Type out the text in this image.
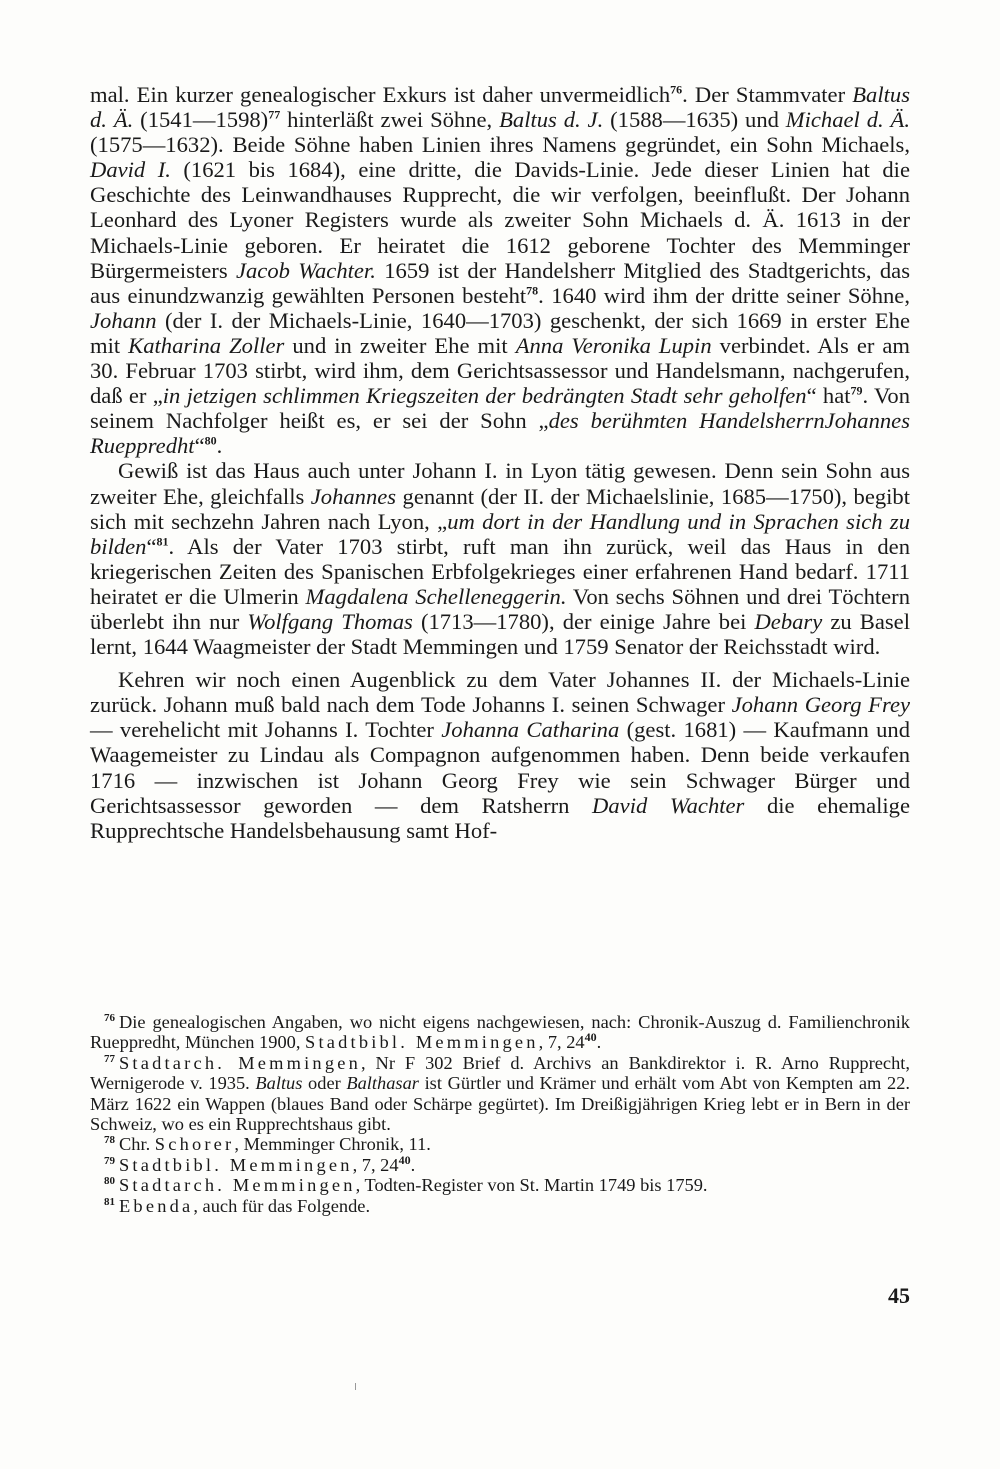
mal. Ein kurzer genealogischer Exkurs ist daher unvermeidlich$^{76}$. Der Stammvater Baltus d. Ä. (1541—1598)$^{77}$ hinterläßt zwei Söhne, Baltus d. J. (1588—1635) und Michael d. Ä. (1575—1632). Beide Söhne haben Linien ihres Namens gegründet, ein Sohn Michaels, David I. (1621 bis 1684), eine dritte, die Davids-Linie. Jede dieser Linien hat die Geschichte des Leinwandhauses Rupprecht, die wir verfolgen, beeinflußt. Der Johann Leonhard des Lyoner Registers wurde als zweiter Sohn Michaels d. Ä. 1613 in der Michaels-Linie geboren. Er heiratet die 1612 geborene Tochter des Memminger Bürgermeisters Jacob Wachter. 1659 ist der Handelsherr Mitglied des Stadtgerichts, das aus einundzwanzig gewählten Personen besteht$^{78}$. 1640 wird ihm der dritte seiner Söhne, Johann (der I. der Michaels-Linie, 1640—1703) geschenkt, der sich 1669 in erster Ehe mit Katharina Zoller und in zweiter Ehe mit Anna Veronika Lupin verbindet. Als er am 30. Februar 1703 stirbt, wird ihm, dem Gerichtsassessor und Handelsmann, nachgerufen, daß er „in jetzigen schlimmen Kriegszeiten der bedrängten Stadt sehr geholfen“ hat$^{79}$. Von seinem Nachfolger heißt es, er sei der Sohn „des berühmten HandelsherrnJohannes Rueppredht“$^{80}$.

Gewiß ist das Haus auch unter Johann I. in Lyon tätig gewesen. Denn sein Sohn aus zweiter Ehe, gleichfalls Johannes genannt (der II. der Michaelslinie, 1685—1750), begibt sich mit sechzehn Jahren nach Lyon, „um dort in der Handlung und in Sprachen sich zu bilden“$^{81}$. Als der Vater 1703 stirbt, ruft man ihn zurück, weil das Haus in den kriegerischen Zeiten des Spanischen Erbfolgekrieges einer erfahrenen Hand bedarf. 1711 heiratet er die Ulmerin Magdalena Schelleneggerin. Von sechs Söhnen und drei Töchtern überlebt ihn nur Wolfgang Thomas (1713—1780), der einige Jahre bei Debary zu Basel lernt, 1644 Waagmeister der Stadt Memmingen und 1759 Senator der Reichsstadt wird.

Kehren wir noch einen Augenblick zu dem Vater Johannes II. der Michaels-Linie zurück. Johann muß bald nach dem Tode Johanns I. seinen Schwager Johann Georg Frey — verehelicht mit Johanns I. Tochter Johanna Catharina (gest. 1681) — Kaufmann und Waagemeister zu Lindau als Compagnon aufgenommen haben. Denn beide verkaufen 1716 — inzwischen ist Johann Georg Frey wie sein Schwager Bürger und Gerichtsassessor geworden — dem Ratsherrn David Wachter die ehemalige Rupprechtsche Handelsbehausung samt Hof-

$^{76}$ Die genealogischen Angaben, wo nicht eigens nachgewiesen, nach: Chronik-Auszug d. Familienchronik Rueppredht, München 1900, Stadtbibl. Memmingen, 7, $24^{40}$.

$^{77}$ Stadtarch. Memmingen, Nr F 302 Brief d. Archivs an Bankdirektor i. R. Arno Rupprecht, Wernigerode v. 1935. Baltus oder Balthasar ist Gürtler und Krämer und erhält vom Abt von Kempten am 22. März 1622 ein Wappen (blaues Band oder Schärpe gegürtet). Im Dreißigjährigen Krieg lebt er in Bern in der Schweiz, wo es ein Rupprechtshaus gibt.

$^{78}$ Chr. Schorer, Memminger Chronik, 11.

$^{79}$ Stadtbibl. Memmingen, 7, $24^{40}$.

$^{80}$ Stadtarch. Memmingen, Todten-Register von St. Martin 1749 bis 1759.

$^{81}$ Ebenda, auch für das Folgende.

45
